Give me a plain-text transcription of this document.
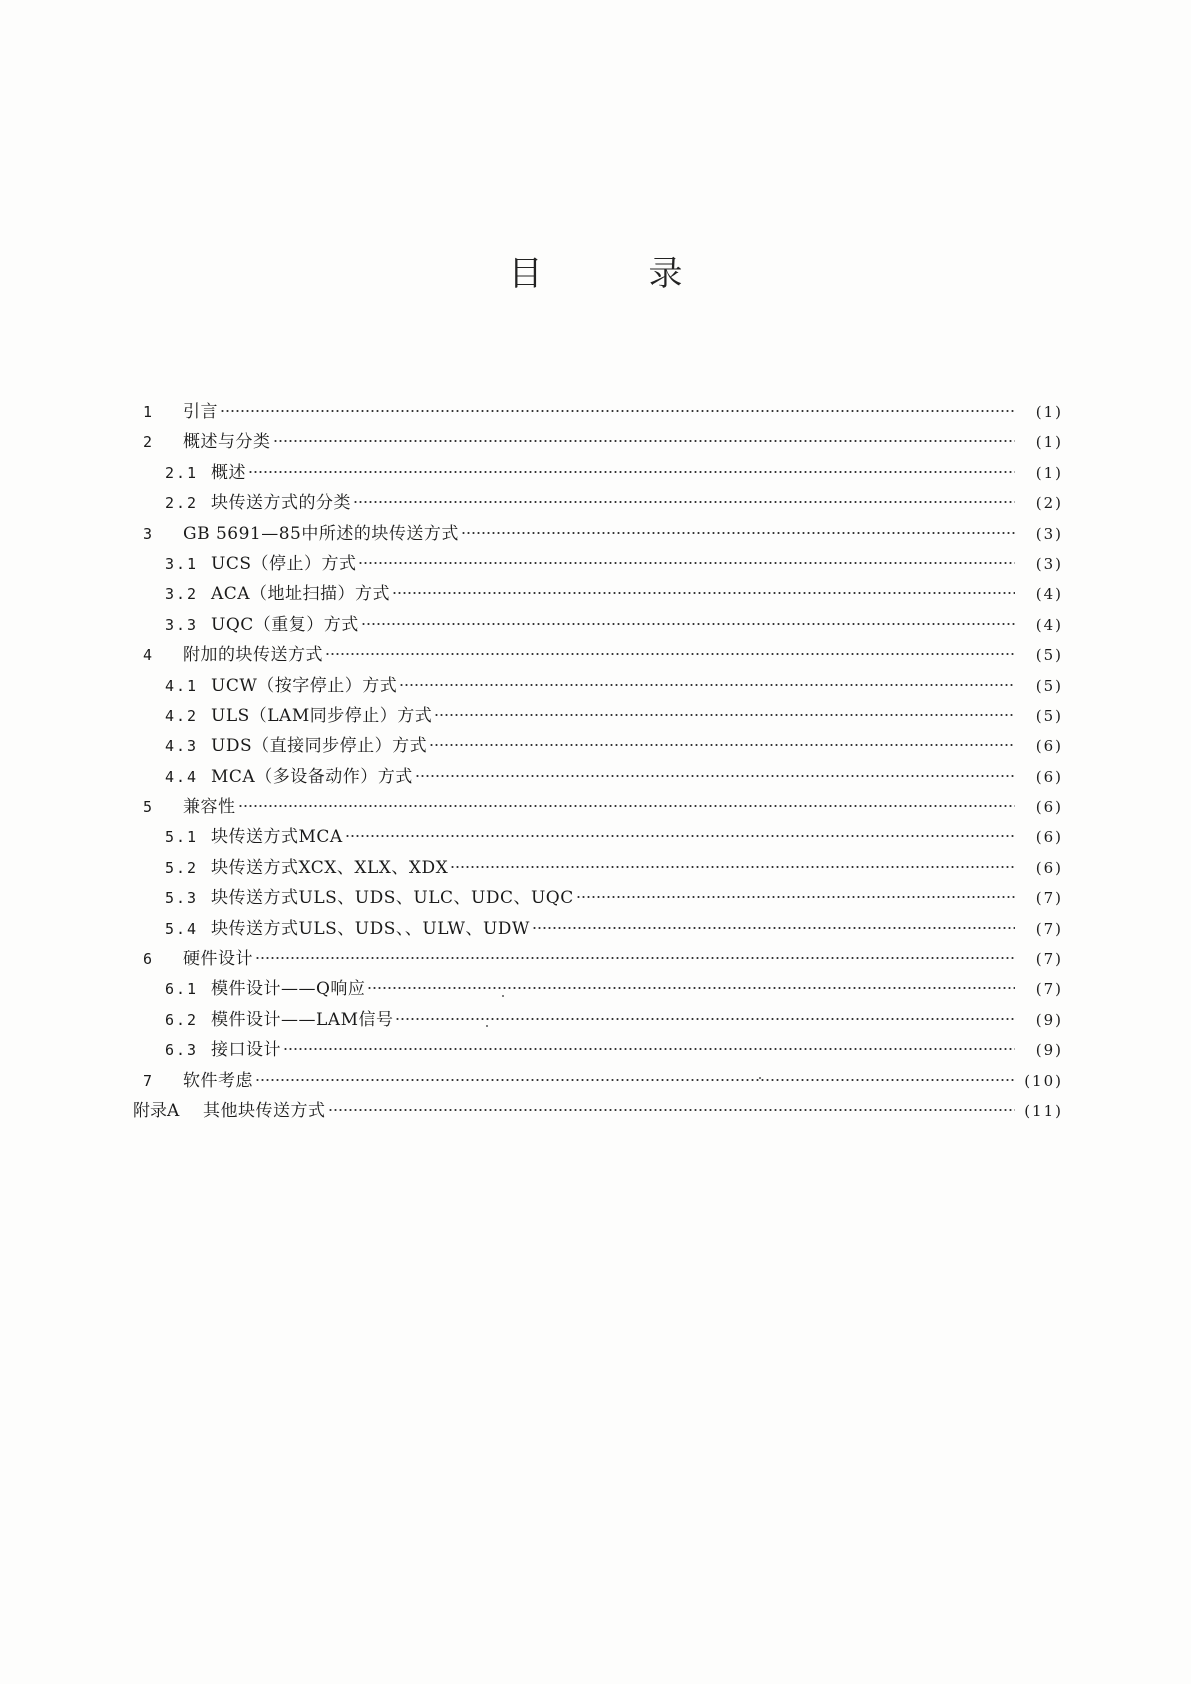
目	录
1	引言	(1)
2	概述与分类	(1)
2.1 概述	(1)
2.2 块传送方式的分类	(2)
3	GB 5691—85中所述的块传送方式	(3)
3.1 UCS（停止）方式	(3)
3.2 ACA（地址扫描）方式	(4)
3.3 UQC（重复）方式	(4)
4	附加的块传送方式	(5)
4.1 UCW（按字停止）方式	(5)
4.2 ULS（LAM同步停止）方式	(5)
4.3 UDS（直接同步停止）方式	(6)
4.4 MCA（多设备动作）方式	(6)
5	兼容性	(6)
5.1 块传送方式MCA	(6)
5.2 块传送方式XCX、XLX、XDX	(6)
5.3 块传送方式ULS、UDS、ULC、UDC、UQC	(7)
5.4 块传送方式ULS、UDS、、ULW、UDW	(7)
6	硬件设计	(7)
6.1 模件设计——Q响应	(7)
6.2 模件设计——LAM信号	(9)
6.3 接口设计	(9)
7	软件考虑	(10)
附录A	其他块传送方式	(11)
